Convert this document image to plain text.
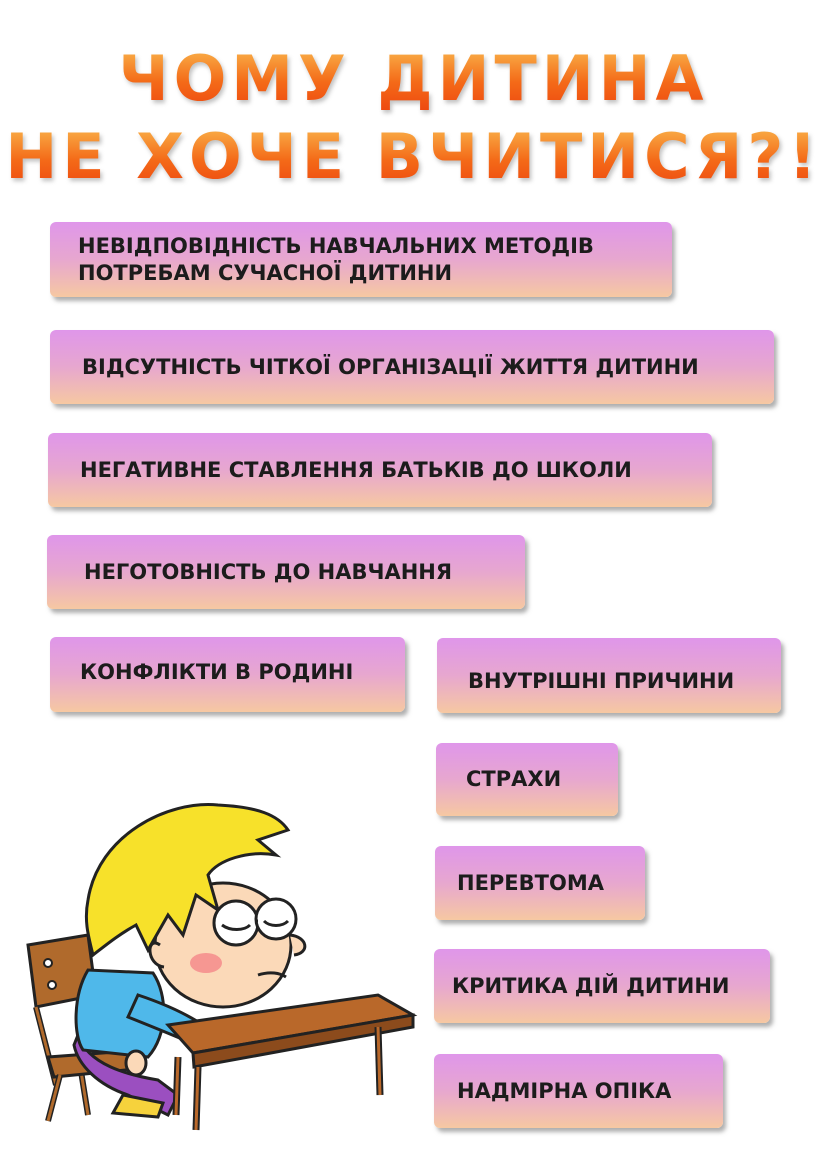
ЧОМУ ДИТИНА
НЕ ХОЧЕ ВЧИТИСЯ?!
НЕВІДПОВІДНІСТЬ НАВЧАЛЬНИХ МЕТОДІВ
ПОТРЕБАМ СУЧАСНОЇ ДИТИНИ
ВІДСУТНІСТЬ ЧІТКОЇ ОРГАНІЗАЦІЇ ЖИТТЯ ДИТИНИ
НЕГАТИВНЕ СТАВЛЕННЯ БАТЬКІВ ДО ШКОЛИ
НЕГОТОВНІСТЬ ДО НАВЧАННЯ
КОНФЛІКТИ В РОДИНІ	ВНУТРІШНІ ПРИЧИНИ
СТРАХИ
ПЕРЕВТОМА
КРИТИКА ДІЙ ДИТИНИ
НАДМІРНА ОПІКА
